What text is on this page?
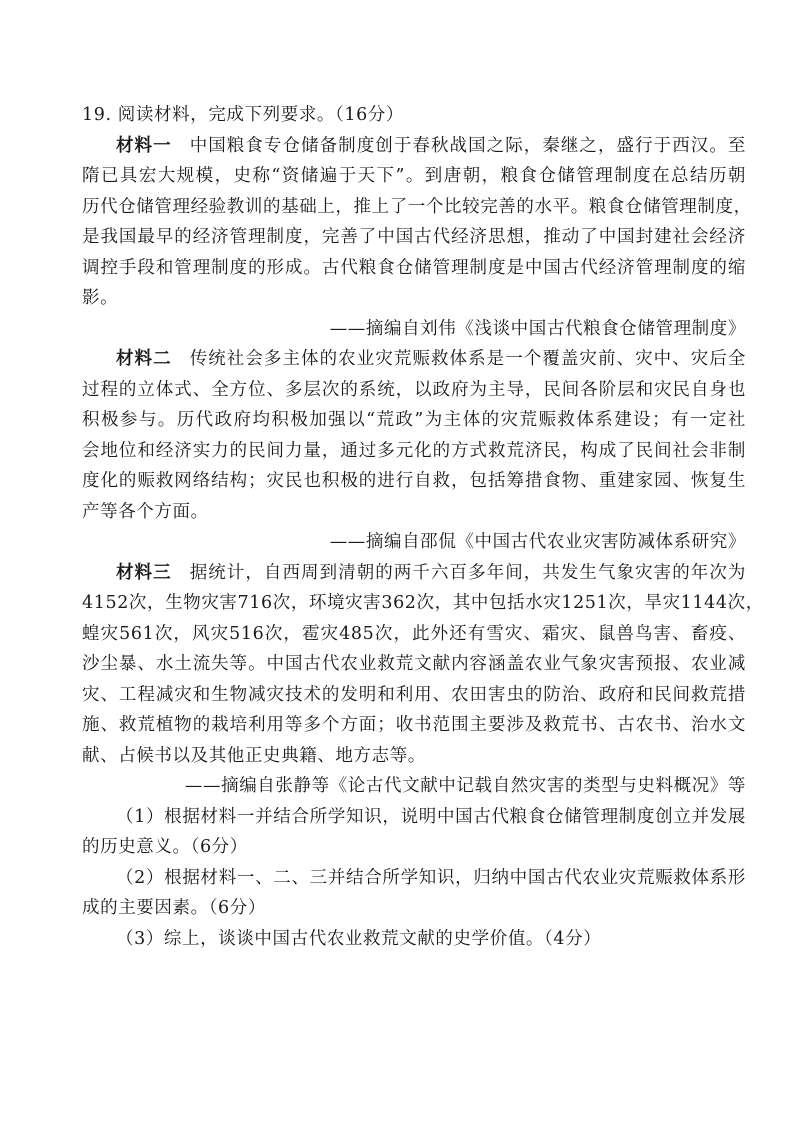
19. 阅读材料，完成下列要求。（16分）

材料一 中国粮食专仓储备制度创于春秋战国之际，秦继之，盛行于西汉。至

隋已具宏大规模，史称“资储遍于天下”。到唐朝，粮食仓储管理制度在总结历朝

历代仓储管理经验教训的基础上，推上了一个比较完善的水平。粮食仓储管理制度，

是我国最早的经济管理制度，完善了中国古代经济思想，推动了中国封建社会经济

调控手段和管理制度的形成。古代粮食仓储管理制度是中国古代经济管理制度的缩

影。

——摘编自刘伟《浅谈中国古代粮食仓储管理制度》

材料二 传统社会多主体的农业灾荒赈救体系是一个覆盖灾前、灾中、灾后全

过程的立体式、全方位、多层次的系统，以政府为主导，民间各阶层和灾民自身也

积极参与。历代政府均积极加强以“荒政”为主体的灾荒赈救体系建设；有一定社

会地位和经济实力的民间力量，通过多元化的方式救荒济民，构成了民间社会非制

度化的赈救网络结构；灾民也积极的进行自救，包括筹措食物、重建家园、恢复生

产等各个方面。

——摘编自邵侃《中国古代农业灾害防减体系研究》

材料三 据统计，自西周到清朝的两千六百多年间，共发生气象灾害的年次为

4152次，生物灾害716次，环境灾害362次，其中包括水灾1251次，旱灾1144次，

蝗灾561次，风灾516次，雹灾485次，此外还有雪灾、霜灾、鼠兽鸟害、畜疫、

沙尘暴、水土流失等。中国古代农业救荒文献内容涵盖农业气象灾害预报、农业减

灾、工程减灾和生物减灾技术的发明和利用、农田害虫的防治、政府和民间救荒措

施、救荒植物的栽培利用等多个方面；收书范围主要涉及救荒书、古农书、治水文

献、占候书以及其他正史典籍、地方志等。

——摘编自张静等《论古代文献中记载自然灾害的类型与史料概况》等

（1）根据材料一并结合所学知识，说明中国古代粮食仓储管理制度创立并发展

的历史意义。（6分）

（2）根据材料一、二、三并结合所学知识，归纳中国古代农业灾荒赈救体系形

成的主要因素。（6分）

（3）综上，谈谈中国古代农业救荒文献的史学价值。（4分）
